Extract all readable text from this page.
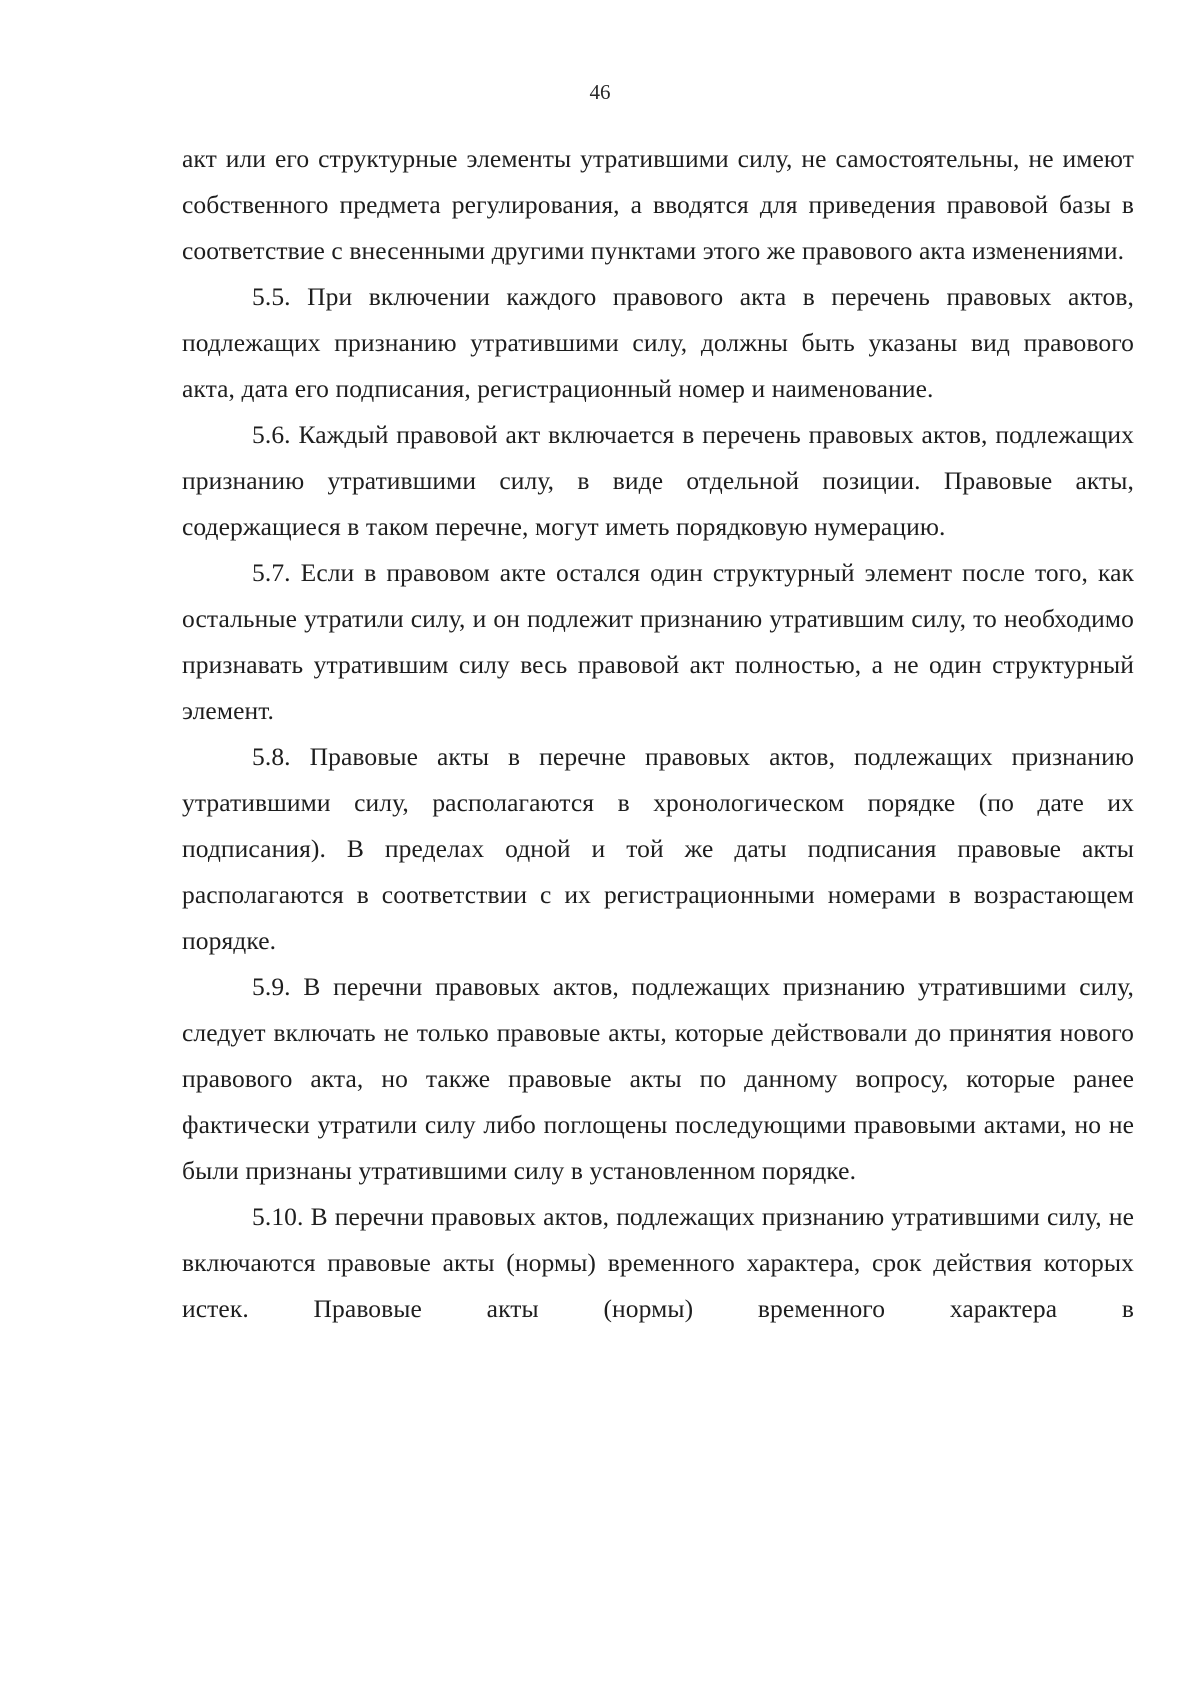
46

акт или его структурные элементы утратившими силу, не самостоятельны, не имеют собственного предмета регулирования, а вводятся для приведения правовой базы в соответствие с внесенными другими пунктами этого же правового акта изменениями.

5.5. При включении каждого правового акта в перечень правовых актов, подлежащих признанию утратившими силу, должны быть указаны вид правового акта, дата его подписания, регистрационный номер и наименование.

5.6. Каждый правовой акт включается в перечень правовых актов, подлежащих признанию утратившими силу, в виде отдельной позиции. Правовые акты, содержащиеся в таком перечне, могут иметь порядковую нумерацию.

5.7. Если в правовом акте остался один структурный элемент после того, как остальные утратили силу, и он подлежит признанию утратившим силу, то необходимо признавать утратившим силу весь правовой акт полностью, а не один структурный элемент.

5.8. Правовые акты в перечне правовых актов, подлежащих признанию утратившими силу, располагаются в хронологическом порядке (по дате их подписания). В пределах одной и той же даты подписания правовые акты располагаются в соответствии с их регистрационными номерами в возрастающем порядке.

5.9. В перечни правовых актов, подлежащих признанию утратившими силу, следует включать не только правовые акты, которые действовали до принятия нового правового акта, но также правовые акты по данному вопросу, которые ранее фактически утратили силу либо поглощены последующими правовыми актами, но не были признаны утратившими силу в установленном порядке.

5.10. В перечни правовых актов, подлежащих признанию утратившими силу, не включаются правовые акты (нормы) временного характера, срок действия которых истек. Правовые акты (нормы) временного характера в
